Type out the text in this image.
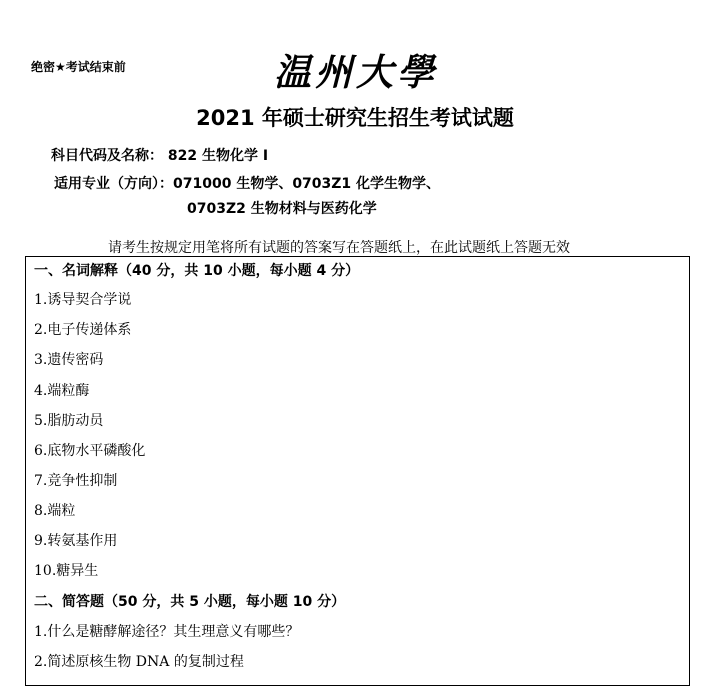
绝密★考试结束前	温州大學
2021 年硕士研究生招生考试试题
科目代码及名称： 822 生物化学 I
适用专业（方向）：071000 生物学、0703Z1 化学生物学、
0703Z2 生物材料与医药化学
请考生按规定用笔将所有试题的答案写在答题纸上，在此试题纸上答题无效
一、名词解释（40 分，共 10 小题，每小题 4 分）
1.诱导契合学说
2.电子传递体系
3.遗传密码
4.端粒酶
5.脂肪动员
6.底物水平磷酸化
7.竞争性抑制
8.端粒
9.转氨基作用
10.糖异生
二、简答题（50 分，共 5 小题，每小题 10 分）
1.什么是糖酵解途径？其生理意义有哪些？
2.简述原核生物 DNA 的复制过程
